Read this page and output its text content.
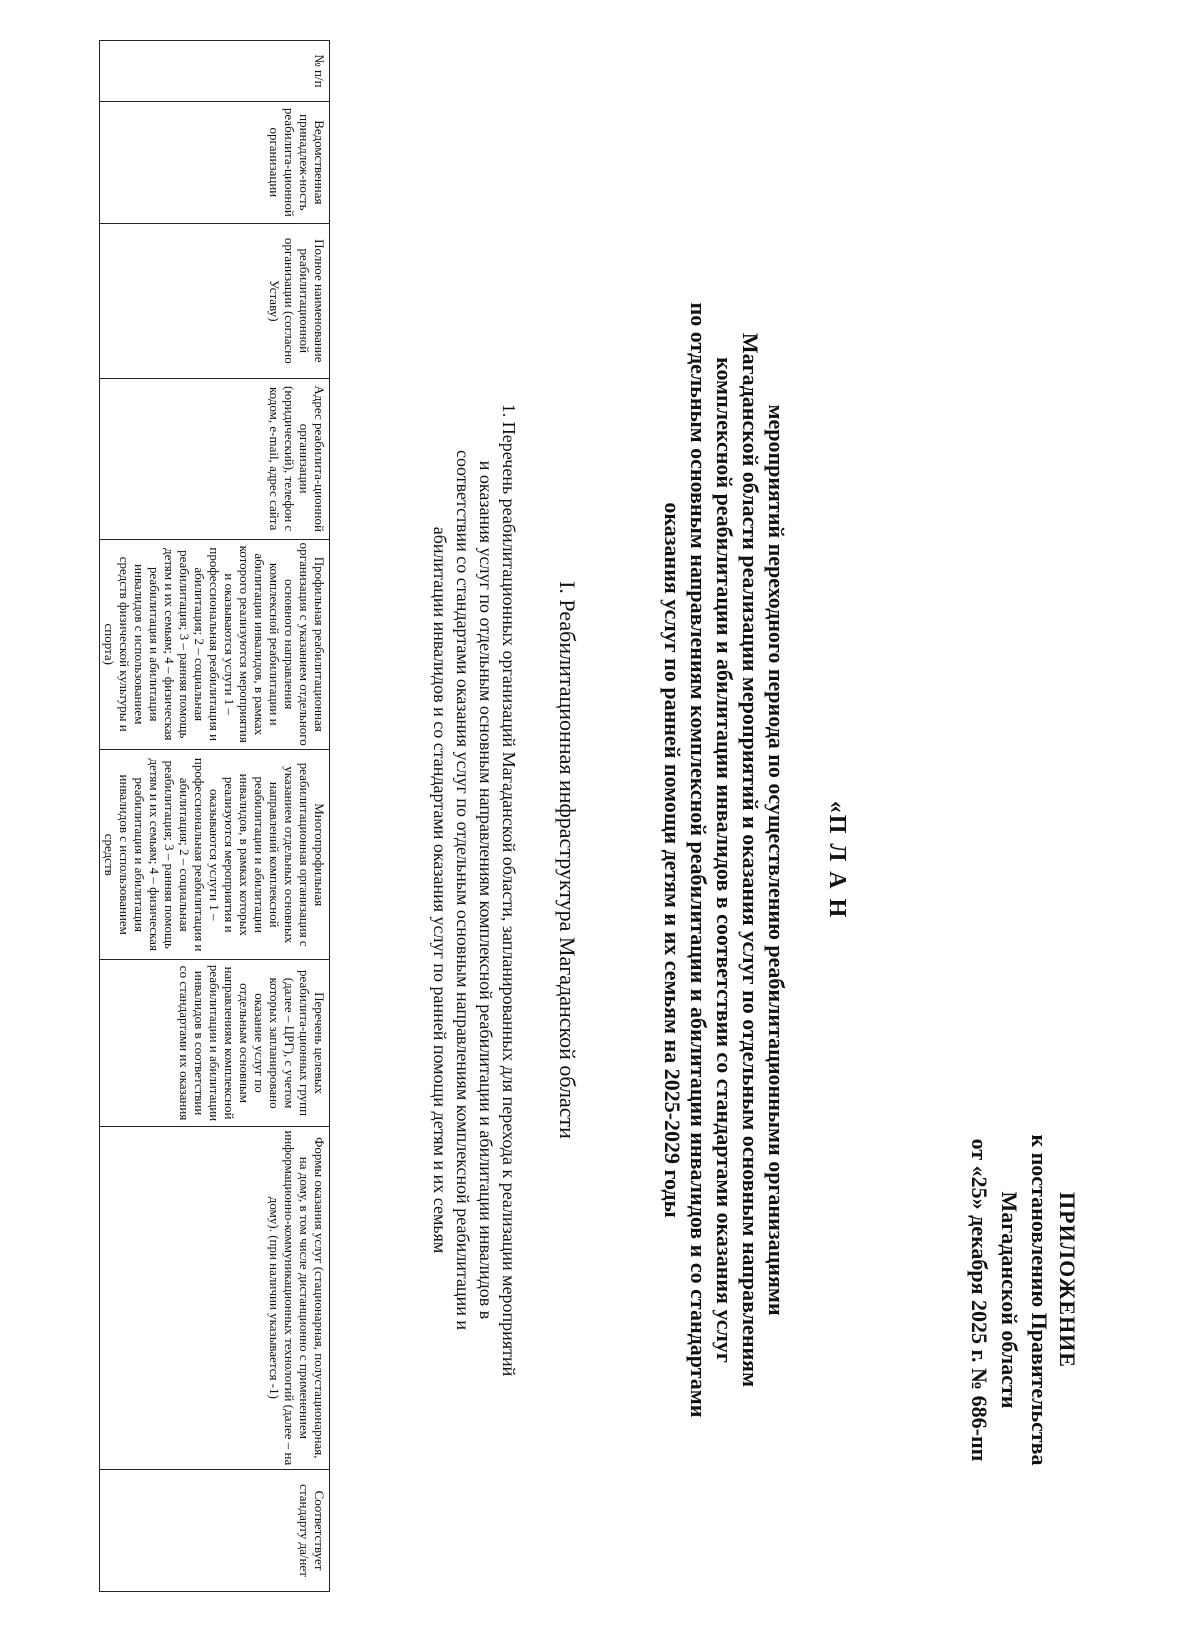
ПРИЛОЖЕНИЕ
к постановлению Правительства
Магаданской области
от «25» декабря 2025 г. № 686-пп
«П Л А Н
мероприятий переходного периода по осуществлению реабилитационными организациями
Магаданской области реализации мероприятий и оказания услуг по отдельным основным направлениям
комплексной реабилитации и абилитации инвалидов в соответствии со стандартами оказания услуг
по отдельным основным направлениям комплексной реабилитации и абилитации инвалидов и со стандартами
оказания услуг по ранней помощи детям и их семьям на 2025-2029 годы
I. Реабилитационная инфраструктура Магаданской области

1. Перечень реабилитационных организаций Магаданской области, запланированных для перехода к реализации мероприятий

и оказания услуг по отдельным основным направлениям комплексной реабилитации и абилитации инвалидов в

соответствии со стандартами оказания услуг по отдельным основным направлениям комплексной реабилитации и

абилитации инвалидов и со стандартами оказания услуг по ранней помощи детям и их семьям

№ п/п	Ведомственная принадлеж-ность реабилита-ционной организации	Полное наименование реабилитационной организации (согласно Уставу)	Адрес реабилита-ционной организации (юридический), телефон с кодом, e-mail, адрес сайта	Профильная реабилитационная организация с указанием отдельного основного направления комплексной реабилитации и абилитации инвалидов, в рамках которого реализуются мероприятия и оказываются услуги 1 – профессиональная реабилитация и абилитация; 2 – социальная реабилитация; 3 – ранняя помощь детям и их семьям; 4 – физическая реабилитация и абилитация инвалидов с использованием средств физической культуры и спорта)	Многопрофильная реабилитационная организация с указанием отдельных основных направлений комплексной реабилитации и абилитации инвалидов, в рамках которых реализуются мероприятия и оказываются услуги 1 – профессиональная реабилитация и абилитация; 2 – социальная реабилитация; 3 – ранняя помощь детям и их семьям; 4 – физическая реабилитация и абилитация инвалидов с использованием средств	Перечень целевых реабилита-ционных групп (далее – ЦРГ), с учетом которых запланировано оказание услуг по отдельным основным направлениям комплексной реабилитации и абилитации инвалидов в соответствии со стандартами их оказания	Формы оказания услуг (стационарная, полустационарная, на дому, в том числе дистанционно с применением информационно-коммуникационных технологий (далее – на дому). (при наличии указывается -1)	Соответствует стандарту да/нет
